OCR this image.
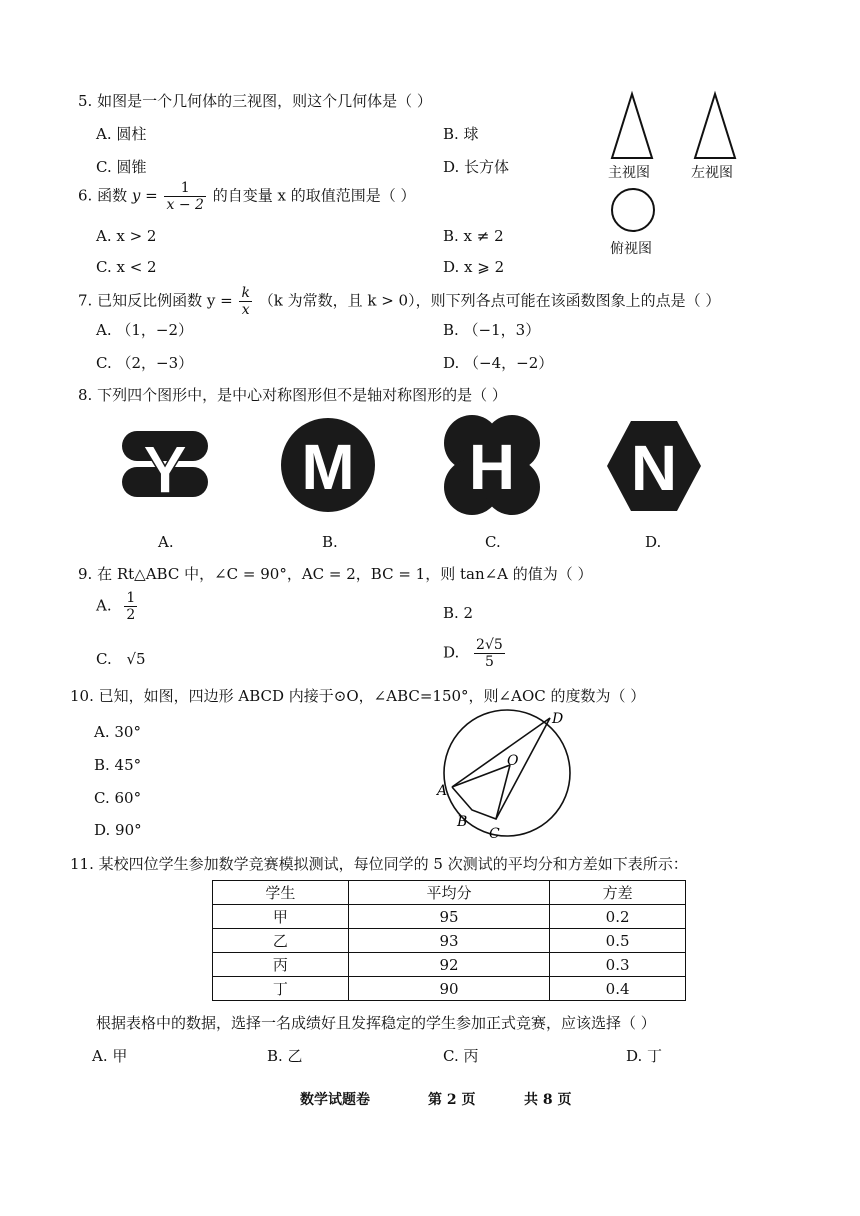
5. 如图是一个几何体的三视图，则这个几何体是（ ）
A. 圆柱	B. 球
C. 圆锥	D. 长方体	主视图	左视图
俯视图
6. 函数 $y = \frac{1}{x - 2}$ 的自变量 x 的取值范围是（ ）
A. x > 2	B. x ≠ 2
C. x < 2	D. x ⩾ 2
7. 已知反比例函数 $y = \frac{k}{x} (k$ 为常数，且 k > 0），则下列各点可能在该函数图象上的点是（ ）
A. （1，−2）	B. （−1，3）
C. （2，−3）	D. （−4，−2）
8. 下列四个图形中，是中心对称图形但不是轴对称图形的是（ ）
Y M H N
A.	B.	C.	D.
9. 在 Rt△ABC 中，∠C = 90°，AC = 2，BC = 1，则 tan∠A 的值为（ ）
A. $\frac{1}{2}$	B. 2
C. √5	D. $\frac{2√5}{5}$
10. 已知，如图，四边形 ABCD 内接于⊙O，∠ABC=150°，则∠AOC 的度数为（ ）
A. 30°
B. 45°
C. 60°
D. 90°
A
B
C
D
O
11. 某校四位学生参加数学竞赛模拟测试，每位同学的 5 次测试的平均分和方差如下表所示：
学生	平均分	方差
甲	95	0.2
乙	93	0.5
丙	92	0.3
丁	90	0.4
根据表格中的数据，选择一名成绩好且发挥稳定的学生参加正式竞赛，应该选择（ ）
A. 甲	B. 乙	C. 丙	D. 丁
数学试题卷	第 2 页	共 8 页
